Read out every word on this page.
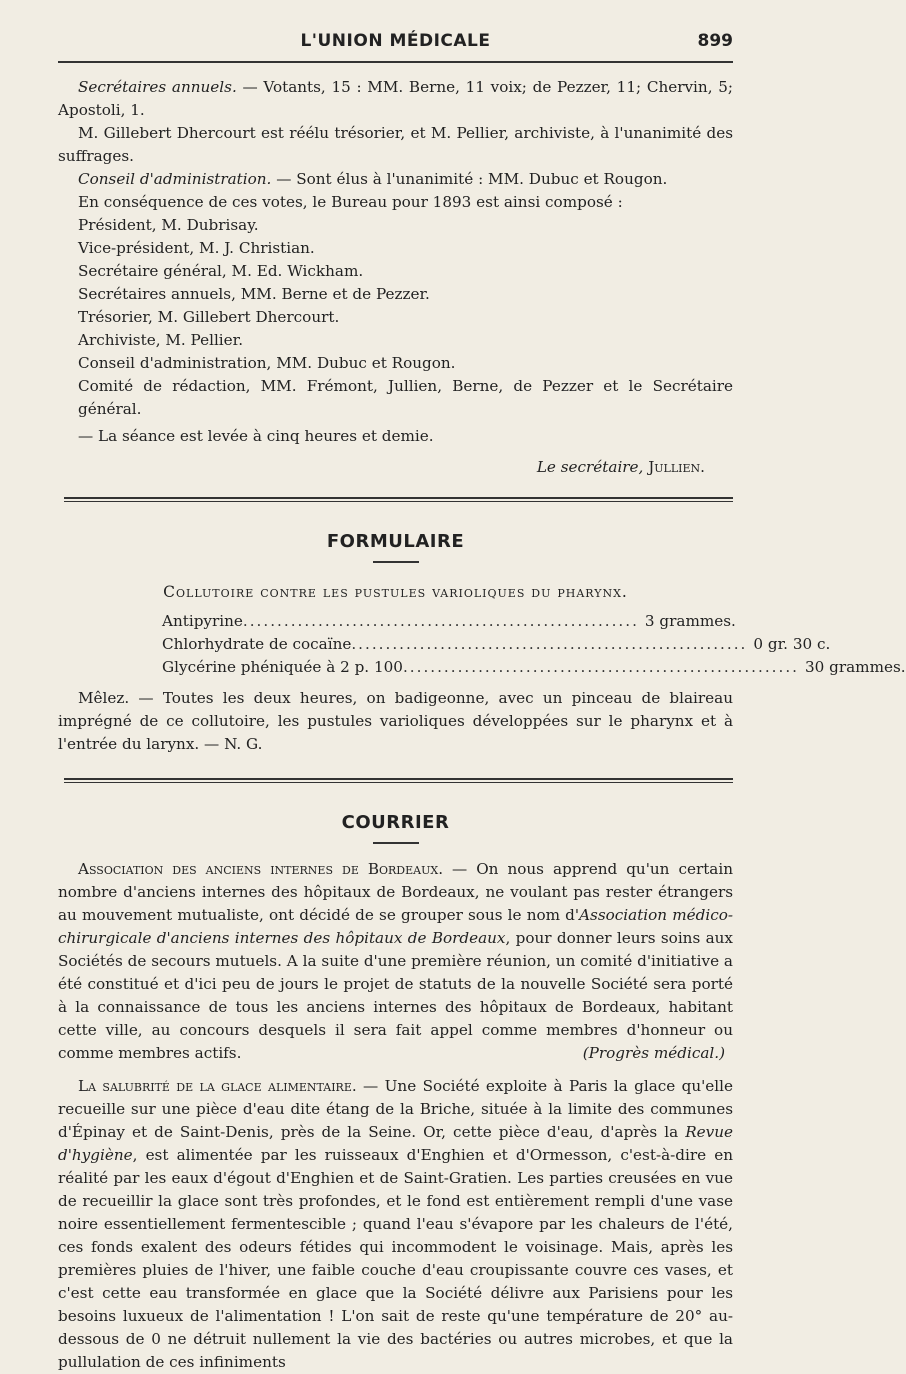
L'UNION MÉDICALE	899

Secrétaires annuels. — Votants, 15 : MM. Berne, 11 voix; de Pezzer, 11; Chervin, 5; Apostoli, 1.

M. Gillebert Dhercourt est réélu trésorier, et M. Pellier, archiviste, à l'unanimité des suffrages.

Conseil d'administration. — Sont élus à l'unanimité : MM. Dubuc et Rougon.

En conséquence de ces votes, le Bureau pour 1893 est ainsi composé :

Président, M. Dubrisay.

Vice-président, M. J. Christian.

Secrétaire général, M. Ed. Wickham.

Secrétaires annuels, MM. Berne et de Pezzer.

Trésorier, M. Gillebert Dhercourt.

Archiviste, M. Pellier.

Conseil d'administration, MM. Dubuc et Rougon.

Comité de rédaction, MM. Frémont, Jullien, Berne, de Pezzer et le Secrétaire général.

— La séance est levée à cinq heures et demie.

Le secrétaire, Jullien.

FORMULAIRE
Collutoire contre les pustules varioliques du pharynx.
Antipyrine .......................................................... 3 grammes.
Chlorhydrate de cocaïne .......................................................... 0 gr. 30 c.
Glycérine phéniquée à 2 p. 100 .......................................................... 30 grammes.

Mêlez. — Toutes les deux heures, on badigeonne, avec un pinceau de blaireau imprégné de ce collutoire, les pustules varioliques développées sur le pharynx et à l'entrée du larynx. — N. G.

COURRIER

Association des anciens internes de Bordeaux. — On nous apprend qu'un certain nombre d'anciens internes des hôpitaux de Bordeaux, ne voulant pas rester étrangers au mouvement mutualiste, ont décidé de se grouper sous le nom d'Association médico-chirurgicale d'anciens internes des hôpitaux de Bordeaux, pour donner leurs soins aux Sociétés de secours mutuels. A la suite d'une première réunion, un comité d'initiative a été constitué et d'ici peu de jours le projet de statuts de la nouvelle Société sera porté à la connaissance de tous les anciens internes des hôpitaux de Bordeaux, habitant cette ville, au concours desquels il sera fait appel comme membres d'honneur ou comme membres actifs.	(Progrès médical.)

La salubrité de la glace alimentaire. — Une Société exploite à Paris la glace qu'elle recueille sur une pièce d'eau dite étang de la Briche, située à la limite des communes d'Épinay et de Saint-Denis, près de la Seine. Or, cette pièce d'eau, d'après la Revue d'hygiène, est alimentée par les ruisseaux d'Enghien et d'Ormesson, c'est-à-dire en réalité par les eaux d'égout d'Enghien et de Saint-Gratien. Les parties creusées en vue de recueillir la glace sont très profondes, et le fond est entièrement rempli d'une vase noire essentiellement fermentescible ; quand l'eau s'évapore par les chaleurs de l'été, ces fonds exalent des odeurs fétides qui incommodent le voisinage. Mais, après les premières pluies de l'hiver, une faible couche d'eau croupissante couvre ces vases, et c'est cette eau transformée en glace que la Société délivre aux Parisiens pour les besoins luxueux de l'alimentation ! L'on sait de reste qu'une température de 20° au-dessous de 0 ne détruit nullement la vie des bactéries ou autres microbes, et que la pullulation de ces infiniments
